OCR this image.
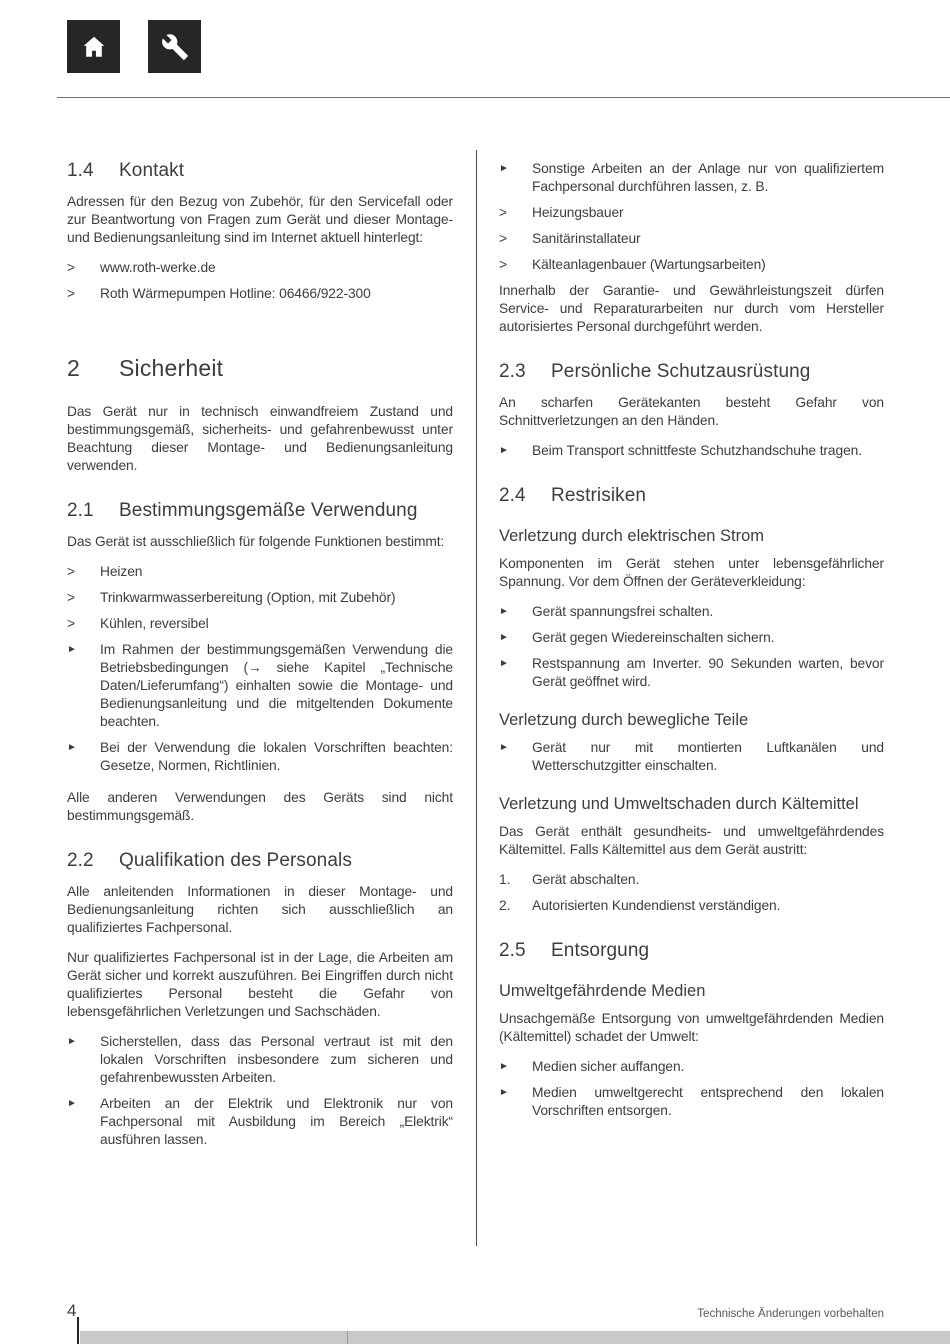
1.4	Kontakt

Adressen für den Bezug von Zubehör, für den Servicefall oder zur Beantwortung von Fragen zum Gerät und dieser Montage- und Bedienungsanleitung sind im Internet aktuell hinterlegt:

>	www.roth-werke.de
>	Roth Wärmepumpen Hotline: 06466/922-300
2	Sicherheit

Das Gerät nur in technisch einwandfreiem Zustand und bestimmungsgemäß, sicherheits- und gefahrenbewusst unter Beachtung dieser Montage- und Bedienungsanleitung verwenden.

2.1	Bestimmungsgemäße Verwendung

Das Gerät ist ausschließlich für folgende Funktionen bestimmt:

>	Heizen
>	Trinkwarmwasserbereitung (Option, mit Zubehör)
>	Kühlen, reversibel
►	Im Rahmen der bestimmungsgemäßen Verwendung die Betriebsbedingungen (→ siehe Kapitel „Technische Daten/Lieferumfang“) einhalten sowie die Montage- und Bedienungsanleitung und die mitgeltenden Dokumente beachten.
►	Bei der Verwendung die lokalen Vorschriften beachten: Gesetze, Normen, Richtlinien.

Alle anderen Verwendungen des Geräts sind nicht bestimmungsgemäß.

2.2	Qualifikation des Personals

Alle anleitenden Informationen in dieser Montage- und Bedienungsanleitung richten sich ausschließlich an qualifiziertes Fachpersonal.

Nur qualifiziertes Fachpersonal ist in der Lage, die Arbeiten am Gerät sicher und korrekt auszuführen. Bei Eingriffen durch nicht qualifiziertes Personal besteht die Gefahr von lebensgefährlichen Verletzungen und Sachschäden.

►	Sicherstellen, dass das Personal vertraut ist mit den lokalen Vorschriften insbesondere zum sicheren und gefahrenbewussten Arbeiten.
►	Arbeiten an der Elektrik und Elektronik nur von Fachpersonal mit Ausbildung im Bereich „Elektrik“ ausführen lassen.
►	Sonstige Arbeiten an der Anlage nur von qualifiziertem Fachpersonal durchführen lassen, z. B.
>	Heizungsbauer
>	Sanitärinstallateur
>	Kälteanlagenbauer (Wartungsarbeiten)

Innerhalb der Garantie- und Gewährleistungszeit dürfen Service- und Reparaturarbeiten nur durch vom Hersteller autorisiertes Personal durchgeführt werden.

2.3	Persönliche Schutzausrüstung

An scharfen Gerätekanten besteht Gefahr von Schnittverletzungen an den Händen.

►	Beim Transport schnittfeste Schutzhandschuhe tragen.
2.4	Restrisiken
Verletzung durch elektrischen Strom

Komponenten im Gerät stehen unter lebensgefährlicher Spannung. Vor dem Öffnen der Geräteverkleidung:

►	Gerät spannungsfrei schalten.
►	Gerät gegen Wiedereinschalten sichern.
►	Restspannung am Inverter. 90 Sekunden warten, bevor Gerät geöffnet wird.
Verletzung durch bewegliche Teile
►	Gerät nur mit montierten Luftkanälen und Wetterschutzgitter einschalten.
Verletzung und Umweltschaden durch Kältemittel

Das Gerät enthält gesundheits- und umweltgefährdendes Kältemittel. Falls Kältemittel aus dem Gerät austritt:

1.	Gerät abschalten.
2.	Autorisierten Kundendienst verständigen.
2.5	Entsorgung
Umweltgefährdende Medien

Unsachgemäße Entsorgung von umweltgefährdenden Medien (Kältemittel) schadet der Umwelt:

►	Medien sicher auffangen.
►	Medien umweltgerecht entsprechend den lokalen Vorschriften entsorgen.
4	Technische Änderungen vorbehalten
